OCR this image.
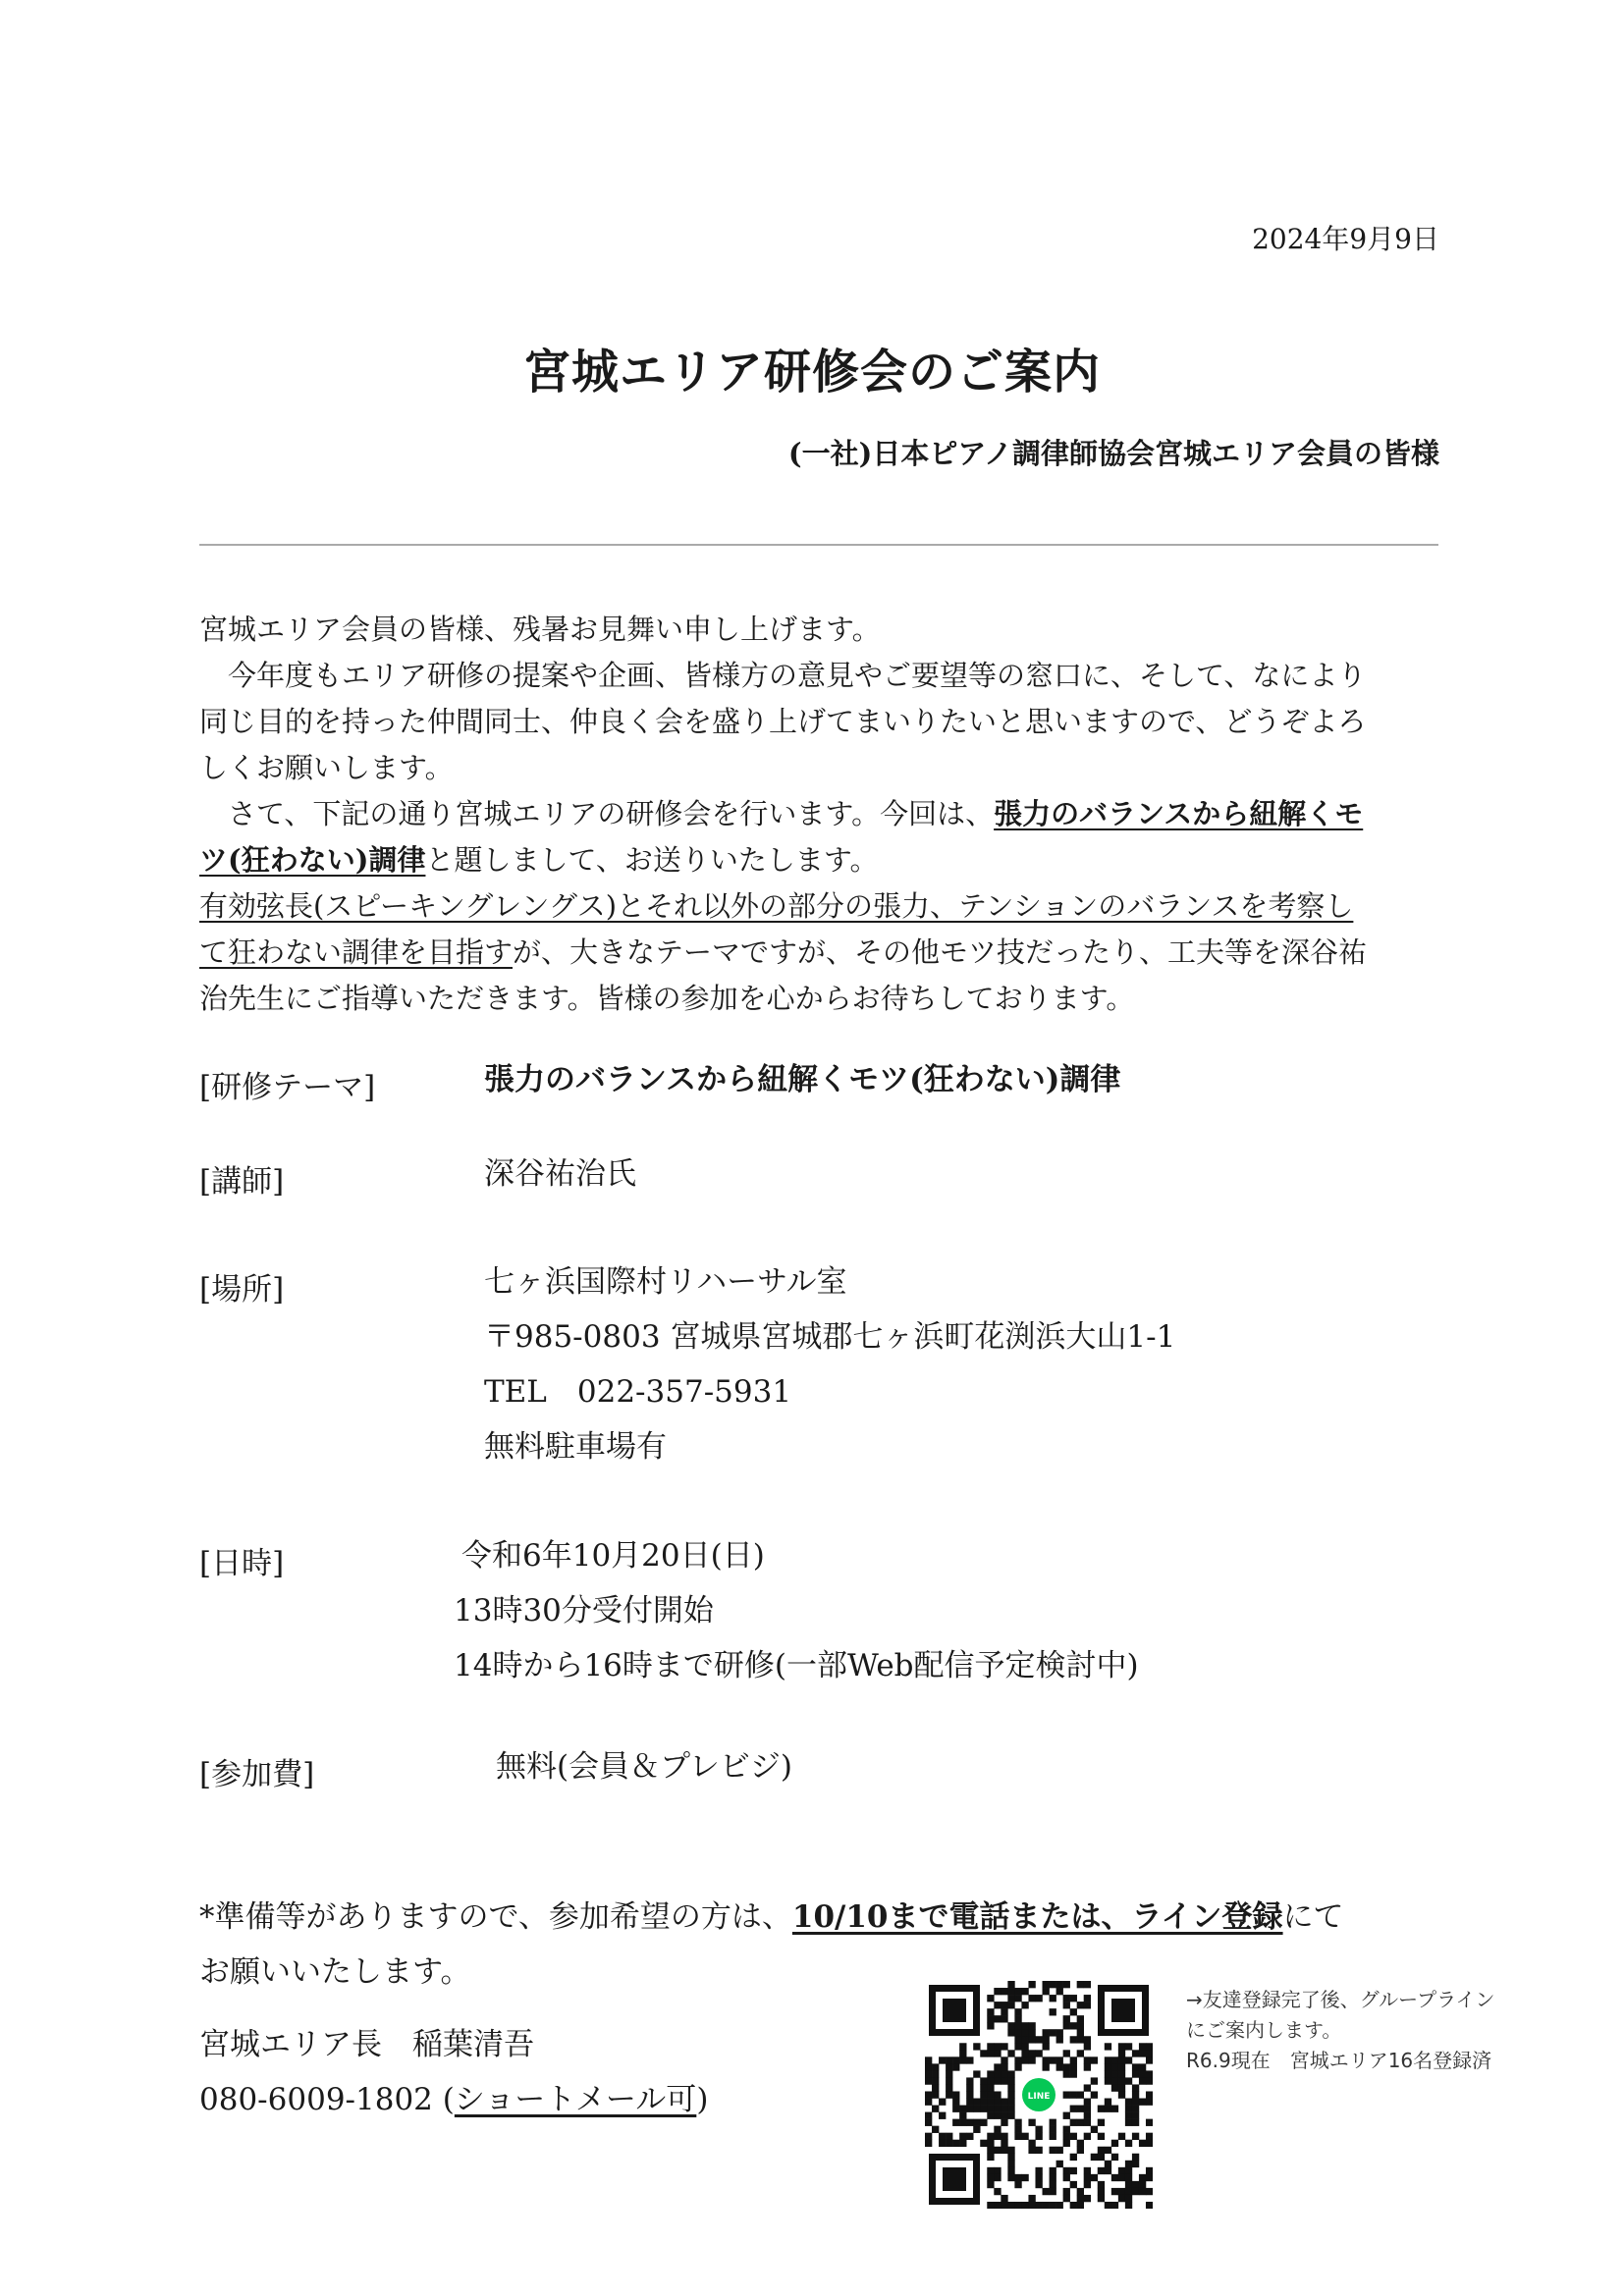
2024年9月9日
宮城エリア研修会のご案内
(一社)日本ピアノ調律師協会宮城エリア会員の皆様

宮城エリア会員の皆様、残暑お見舞い申し上げます。

　今年度もエリア研修の提案や企画、皆様方の意見やご要望等の窓口に、そして、なにより

同じ目的を持った仲間同士、仲良く会を盛り上げてまいりたいと思いますので、どうぞよろ

しくお願いします。

　さて、下記の通り宮城エリアの研修会を行います。今回は、張力のバランスから紐解くモ

ツ(狂わない)調律と題しまして、お送りいたします。

有効弦長(スピーキングレングス)とそれ以外の部分の張力、テンションのバランスを考察し

て狂わない調律を目指すが、大きなテーマですが、その他モツ技だったり、工夫等を深谷祐

治先生にご指導いただきます。皆様の参加を心からお待ちしております。

[研修テーマ]	張力のバランスから紐解くモツ(狂わない)調律
[講師]	深谷祐治氏
[場所]	七ヶ浜国際村リハーサル室
〒985-0803 宮城県宮城郡七ヶ浜町花渕浜大山1-1
TEL　022-357-5931
無料駐車場有
[日時]	令和6年10月20日(日)
13時30分受付開始
14時から16時まで研修(一部Web配信予定検討中)
[参加費]	無料(会員＆プレビジ)

*準備等がありますので、参加希望の方は、10/10まで電話または、ライン登録にて

お願いいたします。

宮城エリア長　稲葉清吾
080-6009-1802 (ショートメール可)	LINE
→友達登録完了後、グループライン
にご案内します。
R6.9現在　宮城エリア16名登録済
